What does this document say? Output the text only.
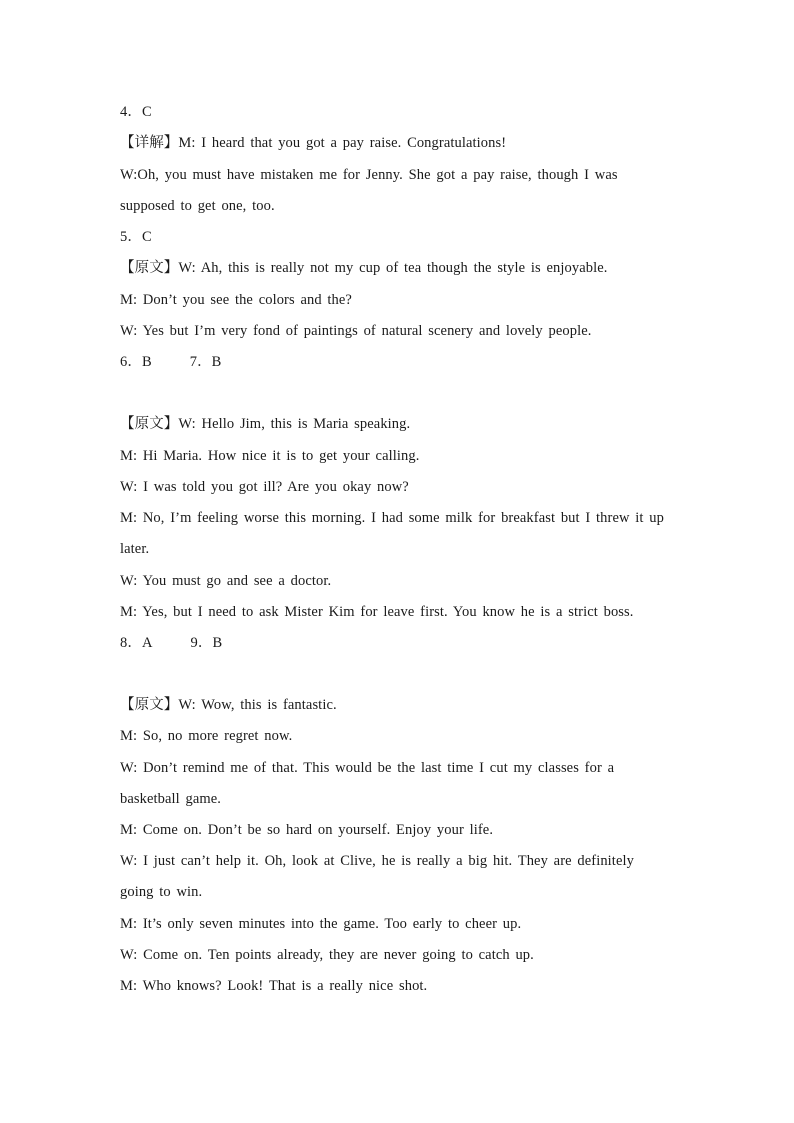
4．C
【详解】M: I heard that you got a pay raise. Congratulations!
W:Oh, you must have mistaken me for Jenny. She got a pay raise, though I was
supposed to get one, too.
5．C
【原文】W: Ah, this is really not my cup of tea though the style is enjoyable.
M: Don’t you see the colors and the?
W: Yes but I’m very fond of paintings of natural scenery and lovely people.
6．B	7．B
【原文】W: Hello Jim, this is Maria speaking.
M: Hi Maria. How nice it is to get your calling.
W: I was told you got ill? Are you okay now?
M: No, I’m feeling worse this morning. I had some milk for breakfast but I threw it up
later.
W: You must go and see a doctor.
M: Yes, but I need to ask Mister Kim for leave first. You know he is a strict boss.
8．A	9．B
【原文】W: Wow, this is fantastic.
M: So, no more regret now.
W: Don’t remind me of that. This would be the last time I cut my classes for a
basketball game.
M: Come on. Don’t be so hard on yourself. Enjoy your life.
W: I just can’t help it. Oh, look at Clive, he is really a big hit. They are definitely
going to win.
M: It’s only seven minutes into the game. Too early to cheer up.
W: Come on. Ten points already, they are never going to catch up.
M: Who knows? Look! That is a really nice shot.
